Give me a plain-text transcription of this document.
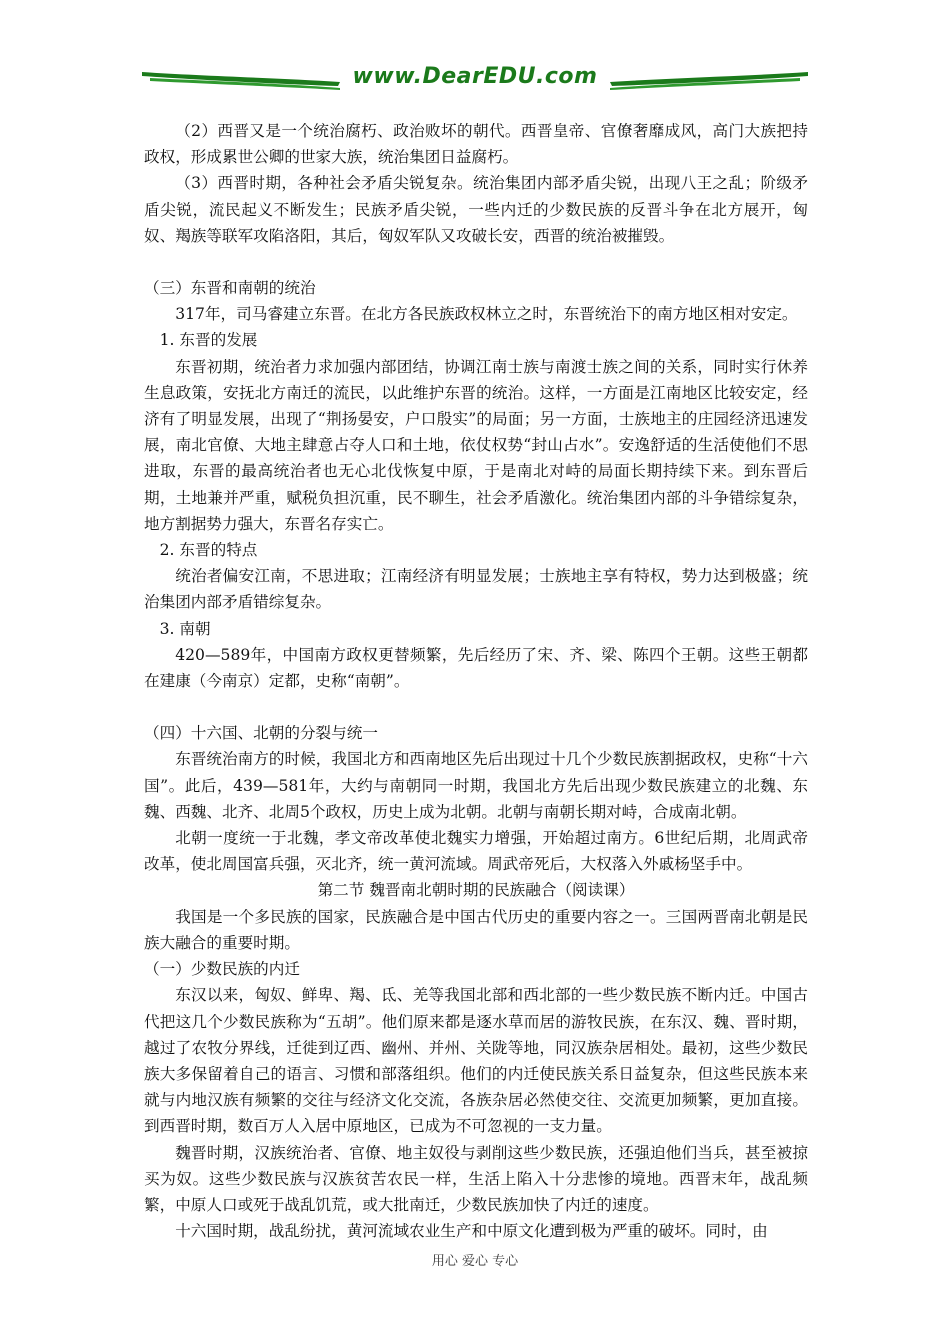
www.DearEDU.com

（2）西晋又是一个统治腐朽、政治败坏的朝代。西晋皇帝、官僚奢靡成风，高门大族把持政权，形成累世公卿的世家大族，统治集团日益腐朽。

（3）西晋时期，各种社会矛盾尖锐复杂。统治集团内部矛盾尖锐，出现八王之乱；阶级矛盾尖锐，流民起义不断发生；民族矛盾尖锐，一些内迁的少数民族的反晋斗争在北方展开，匈奴、羯族等联军攻陷洛阳，其后，匈奴军队又攻破长安，西晋的统治被摧毁。

（三）东晋和南朝的统治

317年，司马睿建立东晋。在北方各民族政权林立之时，东晋统治下的南方地区相对安定。

1. 东晋的发展

东晋初期，统治者力求加强内部团结，协调江南士族与南渡士族之间的关系，同时实行休养生息政策，安抚北方南迁的流民，以此维护东晋的统治。这样，一方面是江南地区比较安定，经济有了明显发展，出现了“荆扬晏安，户口殷实”的局面；另一方面，士族地主的庄园经济迅速发展，南北官僚、大地主肆意占夺人口和土地，依仗权势“封山占水”。安逸舒适的生活使他们不思进取，东晋的最高统治者也无心北伐恢复中原，于是南北对峙的局面长期持续下来。到东晋后期，土地兼并严重，赋税负担沉重，民不聊生，社会矛盾激化。统治集团内部的斗争错综复杂，地方割据势力强大，东晋名存实亡。

2. 东晋的特点

统治者偏安江南，不思进取；江南经济有明显发展；士族地主享有特权，势力达到极盛；统治集团内部矛盾错综复杂。

3. 南朝

420—589年，中国南方政权更替频繁，先后经历了宋、齐、梁、陈四个王朝。这些王朝都在建康（今南京）定都，史称“南朝”。

（四）十六国、北朝的分裂与统一

东晋统治南方的时候，我国北方和西南地区先后出现过十几个少数民族割据政权，史称“十六国”。此后，439—581年，大约与南朝同一时期，我国北方先后出现少数民族建立的北魏、东魏、西魏、北齐、北周5个政权，历史上成为北朝。北朝与南朝长期对峙，合成南北朝。

北朝一度统一于北魏，孝文帝改革使北魏实力增强，开始超过南方。6世纪后期，北周武帝改革，使北周国富兵强，灭北齐，统一黄河流域。周武帝死后，大权落入外戚杨坚手中。

第二节 魏晋南北朝时期的民族融合（阅读课）

我国是一个多民族的国家，民族融合是中国古代历史的重要内容之一。三国两晋南北朝是民族大融合的重要时期。

（一）少数民族的内迁

东汉以来，匈奴、鲜卑、羯、氐、羌等我国北部和西北部的一些少数民族不断内迁。中国古代把这几个少数民族称为“五胡”。他们原来都是逐水草而居的游牧民族，在东汉、魏、晋时期，越过了农牧分界线，迁徙到辽西、幽州、并州、关陇等地，同汉族杂居相处。最初，这些少数民族大多保留着自己的语言、习惯和部落组织。他们的内迁使民族关系日益复杂，但这些民族本来就与内地汉族有频繁的交往与经济文化交流，各族杂居必然使交往、交流更加频繁，更加直接。到西晋时期，数百万人入居中原地区，已成为不可忽视的一支力量。

魏晋时期，汉族统治者、官僚、地主奴役与剥削这些少数民族，还强迫他们当兵，甚至被掠买为奴。这些少数民族与汉族贫苦农民一样，生活上陷入十分悲惨的境地。西晋末年，战乱频繁，中原人口或死于战乱饥荒，或大批南迁，少数民族加快了内迁的速度。

十六国时期，战乱纷扰，黄河流域农业生产和中原文化遭到极为严重的破坏。同时，由

用心 爱心 专心
